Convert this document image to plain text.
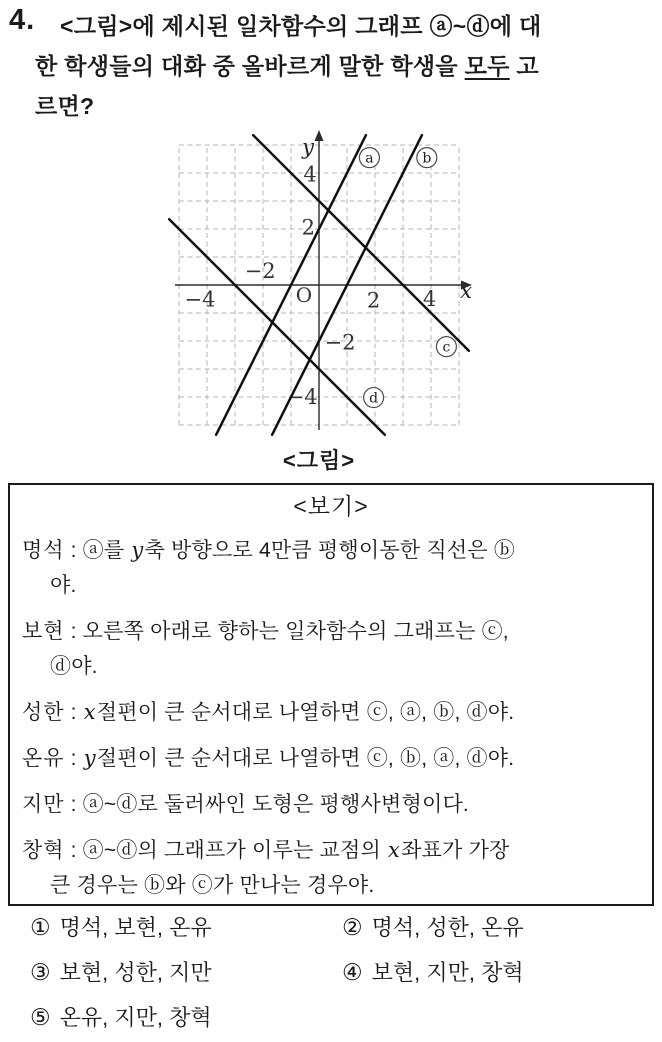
4.	<그림>에 제시된 일차함수의 그래프 ⓐ~ⓓ에 대
한 학생들의 대화 중 올바르게 말한 학생을 모두 고
르면?
y
x
O
−4
−2
2 4
4
2
−2
−4
a	b
c
d
<그림>
<보기>
명석 : ⓐ를 y축 방향으로 4만큼 평행이동한 직선은 ⓑ
야.
보현 : 오른쪽 아래로 향하는 일차함수의 그래프는 ⓒ,
ⓓ야.
성한 : x절편이 큰 순서대로 나열하면 ⓒ, ⓐ, ⓑ, ⓓ야.
온유 : y절편이 큰 순서대로 나열하면 ⓒ, ⓑ, ⓐ, ⓓ야.
지만 : ⓐ~ⓓ로 둘러싸인 도형은 평행사변형이다.
창혁 : ⓐ~ⓓ의 그래프가 이루는 교점의 x좌표가 가장
큰 경우는 ⓑ와 ⓒ가 만나는 경우야.
① 명석, 보현, 온유	② 명석, 성한, 온유
③ 보현, 성한, 지만	④ 보현, 지만, 창혁
⑤ 온유, 지만, 창혁
